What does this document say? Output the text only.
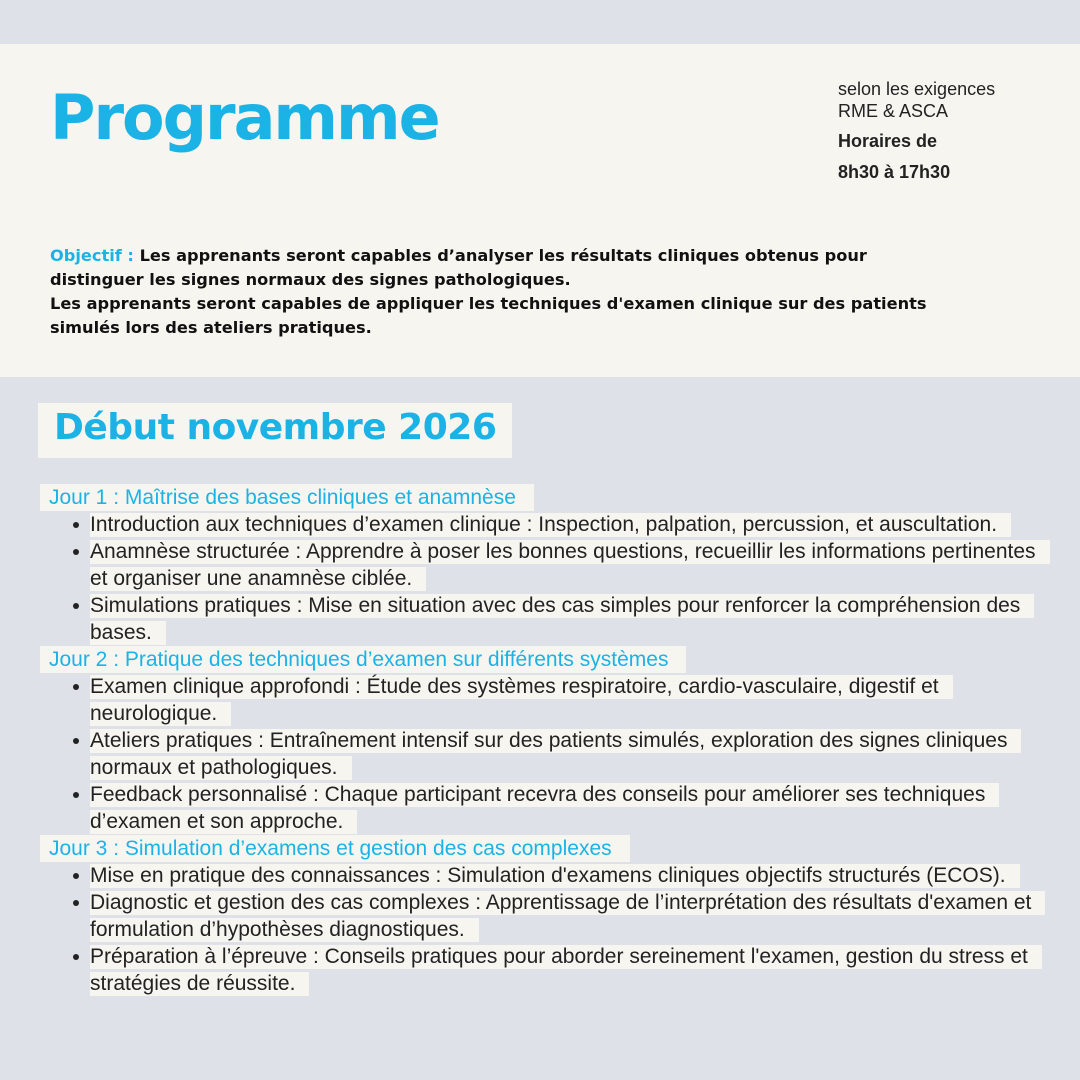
Programme	selon les exigences RME & ASCA
Horaires de
8h30 à 17h30
Objectif : Les apprenants seront capables d’analyser les résultats cliniques obtenus pour distinguer les signes normaux des signes pathologiques.
Les apprenants seront capables de appliquer les techniques d'examen clinique sur des patients simulés lors des ateliers pratiques.
Début novembre 2026
Jour 1 : Maîtrise des bases cliniques et anamnèse
Introduction aux techniques d’examen clinique : Inspection, palpation, percussion, et auscultation.
Anamnèse structurée : Apprendre à poser les bonnes questions, recueillir les informations pertinentes et organiser une anamnèse ciblée.
Simulations pratiques : Mise en situation avec des cas simples pour renforcer la compréhension des bases.
Jour 2 : Pratique des techniques d’examen sur différents systèmes
Examen clinique approfondi : Étude des systèmes respiratoire, cardio-vasculaire, digestif et neurologique.
Ateliers pratiques : Entraînement intensif sur des patients simulés, exploration des signes cliniques normaux et pathologiques.
Feedback personnalisé : Chaque participant recevra des conseils pour améliorer ses techniques d’examen et son approche.
Jour 3 : Simulation d’examens et gestion des cas complexes
Mise en pratique des connaissances : Simulation d'examens cliniques objectifs structurés (ECOS).
Diagnostic et gestion des cas complexes : Apprentissage de l’interprétation des résultats d'examen et formulation d’hypothèses diagnostiques.
Préparation à l’épreuve : Conseils pratiques pour aborder sereinement l'examen, gestion du stress et stratégies de réussite.
